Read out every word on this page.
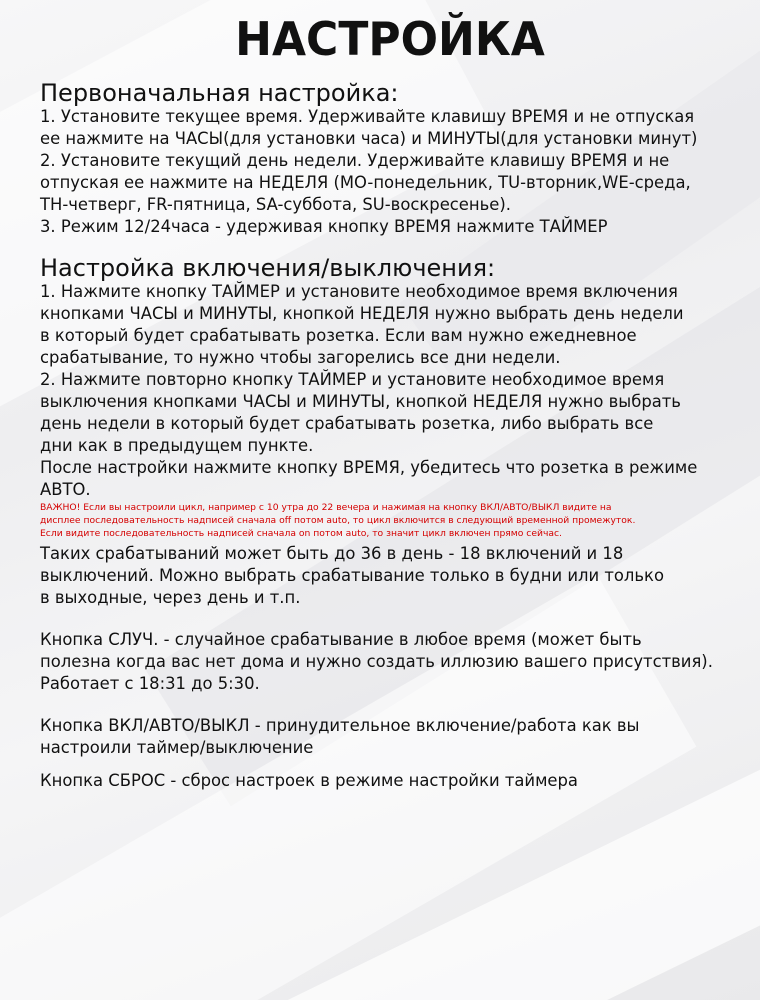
НАСТРОЙКА
Первоначальная настройка:

1. Установите текущее время. Удерживайте клавишу ВРЕМЯ и не отпуская
ее нажмите на ЧАСЫ(для установки часа) и МИНУТЫ(для установки минут)
2. Установите текущий день недели. Удерживайте клавишу ВРЕМЯ и не
отпуская ее нажмите на НЕДЕЛЯ (MO-понедельник, TU-вторник,WE-среда,
TH-четверг, FR-пятница, SA-суббота, SU-воскресенье).
3. Режим 12/24часа - удерживая кнопку ВРЕМЯ нажмите ТАЙМЕР

Настройка включения/выключения:

1. Нажмите кнопку ТАЙМЕР и установите необходимое время включения
кнопками ЧАСЫ и МИНУТЫ, кнопкой НЕДЕЛЯ нужно выбрать день недели
в который будет срабатывать розетка. Если вам нужно ежедневное
срабатывание, то нужно чтобы загорелись все дни недели.
2. Нажмите повторно кнопку ТАЙМЕР и установите необходимое время
выключения кнопками ЧАСЫ и МИНУТЫ, кнопкой НЕДЕЛЯ нужно выбрать
день недели в который будет срабатывать розетка, либо выбрать все
дни как в предыдущем пункте.
После настройки нажмите кнопку ВРЕМЯ, убедитесь что розетка в режиме
АВТО.

ВАЖНО! Если вы настроили цикл, например с 10 утра до 22 вечера и нажимая на кнопку ВКЛ/АВТО/ВЫКЛ видите на
дисплее последовательность надписей сначала off потом auto, то цикл включится в следующий временной промежуток.
Если видите последовательность надписей сначала on потом auto, то значит цикл включен прямо сейчас.

Таких срабатываний может быть до 36 в день - 18 включений и 18
выключений. Можно выбрать срабатывание только в будни или только
в выходные, через день и т.п.

Кнопка СЛУЧ. - случайное срабатывание в любое время (может быть
полезна когда вас нет дома и нужно создать иллюзию вашего присутствия).
Работает с 18:31 до 5:30.

Кнопка ВКЛ/АВТО/ВЫКЛ - принудительное включение/работа как вы
настроили таймер/выключение

Кнопка СБРОС - сброс настроек в режиме настройки таймера
